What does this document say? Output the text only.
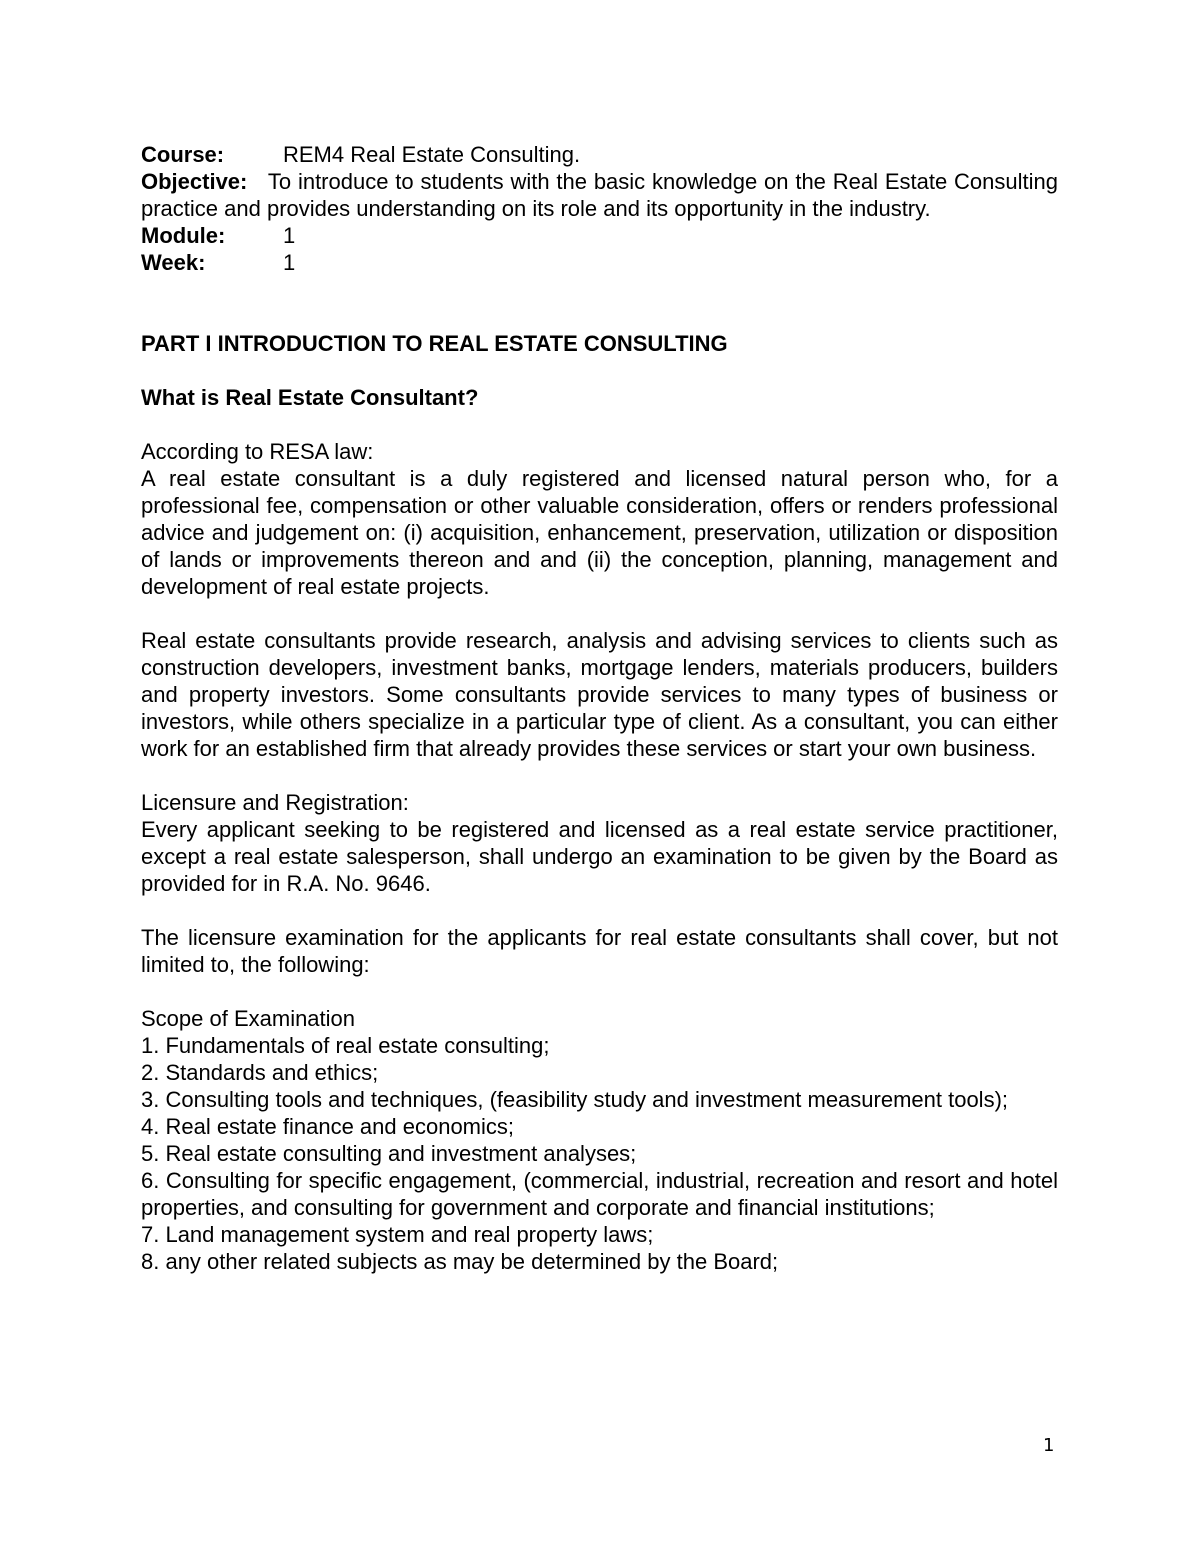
Course:	REM4 Real Estate Consulting.
Objective: To introduce to students with the basic knowledge on the Real Estate Consulting practice and provides understanding on its role and its opportunity in the industry.
Module:	1
Week:	1
PART I INTRODUCTION TO REAL ESTATE CONSULTING
What is Real Estate Consultant?
According to RESA law:

A real estate consultant is a duly registered and licensed natural person who, for a professional fee, compensation or other valuable consideration, offers or renders professional advice and judgement on: (i) acquisition, enhancement, preservation, utilization or disposition of lands or improvements thereon and and (ii) the conception, planning, management and development of real estate projects.

Real estate consultants provide research, analysis and advising services to clients such as construction developers, investment banks, mortgage lenders, materials producers, builders and property investors. Some consultants provide services to many types of business or investors, while others specialize in a particular type of client. As a consultant, you can either work for an established firm that already provides these services or start your own business.

Licensure and Registration:

Every applicant seeking to be registered and licensed as a real estate service practitioner, except a real estate salesperson, shall undergo an examination to be given by the Board as provided for in R.A. No. 9646.

The licensure examination for the applicants for real estate consultants shall cover, but not limited to, the following:

Scope of Examination
1. Fundamentals of real estate consulting;
2. Standards and ethics;
3. Consulting tools and techniques, (feasibility study and investment measurement tools);
4. Real estate finance and economics;
5. Real estate consulting and investment analyses;
6. Consulting for specific engagement, (commercial, industrial, recreation and resort and hotel properties, and consulting for government and corporate and financial institutions;
7. Land management system and real property laws;
8. any other related subjects as may be determined by the Board;
1
